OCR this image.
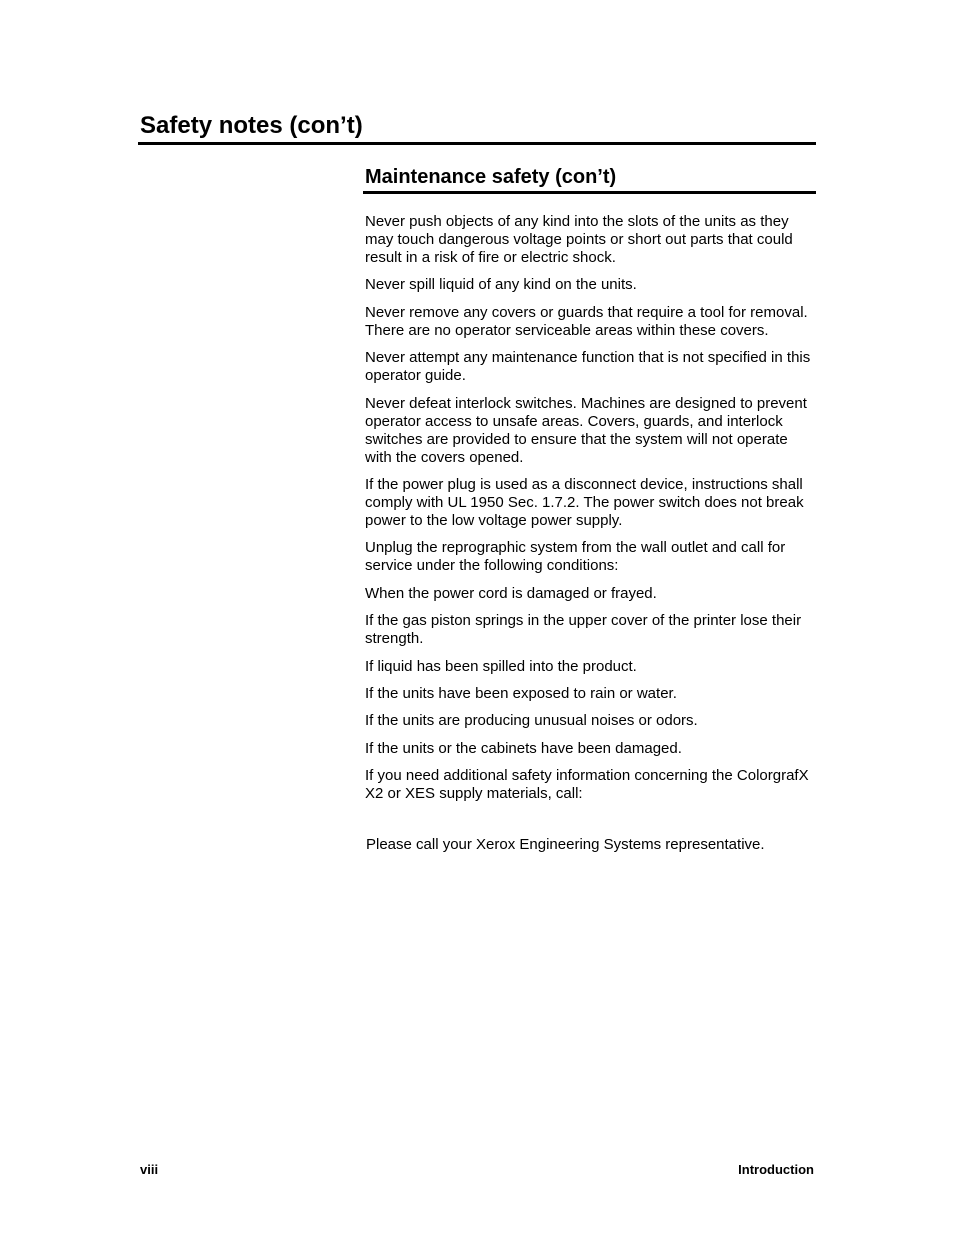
Safety notes (con’t)
Maintenance safety (con’t)

Never push objects of any kind into the slots of the units as they may touch dangerous voltage points or short out parts that could result in a risk of fire or electric shock.

Never spill liquid of any kind on the units.

Never remove any covers or guards that require a tool for removal. There are no operator serviceable areas within these covers.

Never attempt any maintenance function that is not specified in this operator guide.

Never defeat interlock switches. Machines are designed to prevent operator access to unsafe areas. Covers, guards, and interlock switches are provided to ensure that the system will not operate with the covers opened.

If the power plug is used as a disconnect device, instructions shall comply with UL 1950 Sec. 1.7.2. The power switch does not break power to the low voltage power supply.

Unplug the reprographic system from the wall outlet and call for service under the following conditions:

When the power cord is damaged or frayed.

If the gas piston springs in the upper cover of the printer lose their strength.

If liquid has been spilled into the product.

If the units have been exposed to rain or water.

If the units are producing unusual noises or odors.

If the units or the cabinets have been damaged.

If you need additional safety information concerning the ColorgrafX X2 or XES supply materials, call:

Please call your Xerox Engineering Systems representative.

viii	Introduction
